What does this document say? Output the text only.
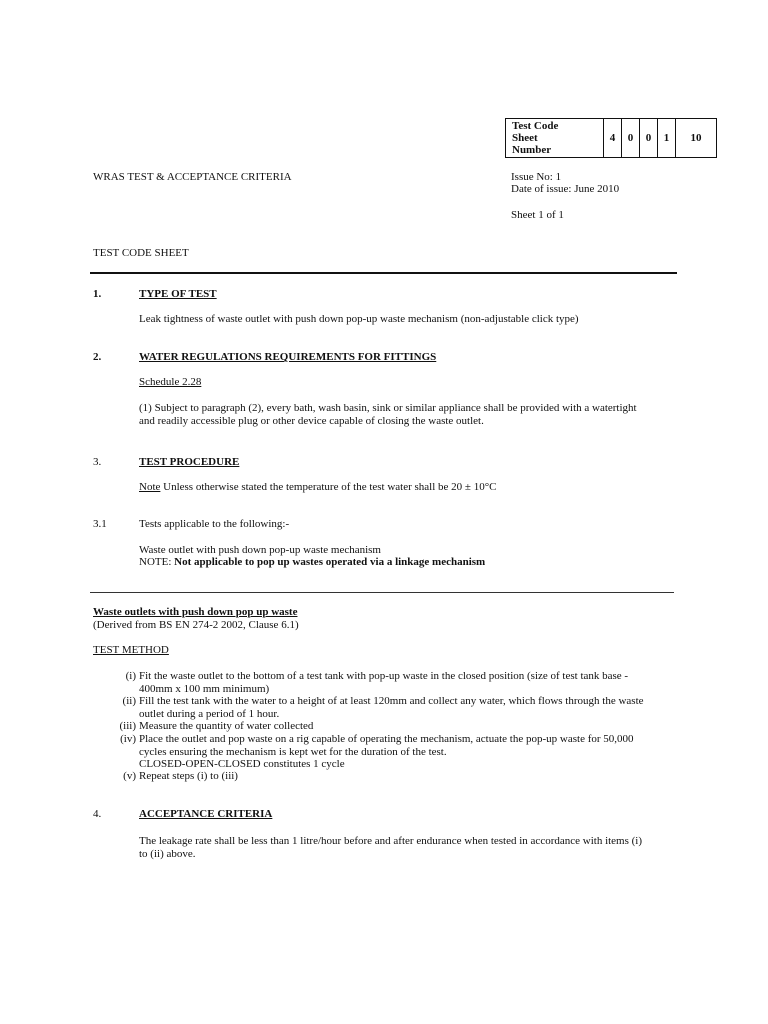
Test Code
Sheet
Number
	4	0	0	1	10
WRAS TEST & ACCEPTANCE CRITERIA	Issue No: 1
Date of issue: June 2010
Sheet 1 of 1
TEST CODE SHEET
1.	TYPE OF TEST
Leak tightness of waste outlet with push down pop-up waste mechanism (non-adjustable click type)
2.	WATER REGULATIONS REQUIREMENTS FOR FITTINGS
Schedule 2.28
(1) Subject to paragraph (2), every bath, wash basin, sink or similar appliance shall be provided with a watertight
and readily accessible plug or other device capable of closing the waste outlet.
3.	TEST PROCEDURE
Note Unless otherwise stated the temperature of the test water shall be 20 ± 10°C
3.1	Tests applicable to the following:-
Waste outlet with push down pop-up waste mechanism
NOTE: Not applicable to pop up wastes operated via a linkage mechanism
Waste outlets with push down pop up waste
(Derived from BS EN 274-2 2002, Clause 6.1)
TEST METHOD
(i) Fit the waste outlet to the bottom of a test tank with pop-up waste in the closed position (size of test tank base -
400mm x 100 mm minimum)
(ii) Fill the test tank with the water to a height of at least 120mm and collect any water, which flows through the waste
outlet during a period of 1 hour.
(iii) Measure the quantity of water collected
(iv) Place the outlet and pop waste on a rig capable of operating the mechanism, actuate the pop-up waste for 50,000
cycles ensuring the mechanism is kept wet for the duration of the test.
CLOSED-OPEN-CLOSED constitutes 1 cycle
(v) Repeat steps (i) to (iii)
4.	ACCEPTANCE CRITERIA
The leakage rate shall be less than 1 litre/hour before and after endurance when tested in accordance with items (i)
to (ii) above.
